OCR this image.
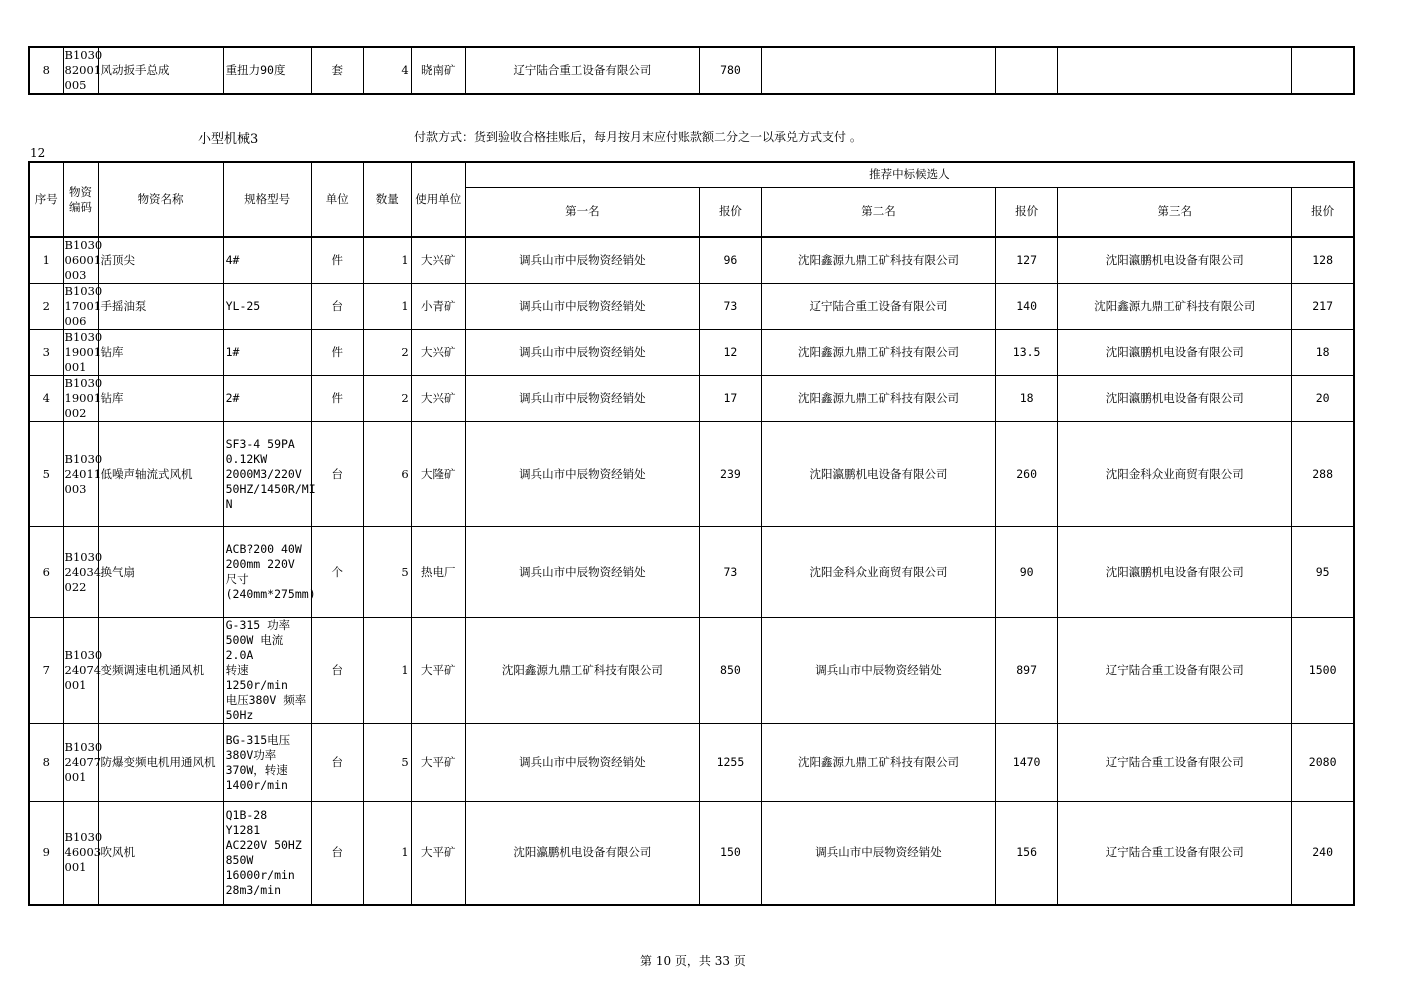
8	B1030
82001
005	风动扳手总成	重扭力90度	套	4	晓南矿	辽宁陆合重工设备有限公司	780				
小型机械3	付款方式：货到验收合格挂账后，每月按月末应付账款额二分之一以承兑方式支付 。
12
序号	物资编码	物资名称	规格型号	单位	数量	使用单位	推荐中标候选人					
							第一名	报价	第二名	报价	第三名	报价
1	B1030
06001
003	活顶尖	4#	件	1	大兴矿	调兵山市中辰物资经销处	96	沈阳鑫源九鼎工矿科技有限公司	127	沈阳瀛鹏机电设备有限公司	128
2	B1030
17001
006	手摇油泵	YL-25	台	1	小青矿	调兵山市中辰物资经销处	73	辽宁陆合重工设备有限公司	140	沈阳鑫源九鼎工矿科技有限公司	217
3	B1030
19001
001	钻库	1#	件	2	大兴矿	调兵山市中辰物资经销处	12	沈阳鑫源九鼎工矿科技有限公司	13.5	沈阳瀛鹏机电设备有限公司	18
4	B1030
19001
002	钻库	2#	件	2	大兴矿	调兵山市中辰物资经销处	17	沈阳鑫源九鼎工矿科技有限公司	18	沈阳瀛鹏机电设备有限公司	20
5	B1030
24011
003	低噪声轴流式风机	SF3-4 59PA
0.12KW
2000M3/220V
50HZ/1450R/MI
N	台	6	大隆矿	调兵山市中辰物资经销处	239	沈阳瀛鹏机电设备有限公司	260	沈阳金科众业商贸有限公司	288
6	B1030
24034
022	换气扇	ACB?200 40W
200mm 220V
尺寸
(240mm*275mm)	个	5	热电厂	调兵山市中辰物资经销处	73	沈阳金科众业商贸有限公司	90	沈阳瀛鹏机电设备有限公司	95
7	B1030
24074
001	变频调速电机通风机	G-315 功率
500W 电流2.0A
转速1250r/min
电压380V 频率
50Hz	台	1	大平矿	沈阳鑫源九鼎工矿科技有限公司	850	调兵山市中辰物资经销处	897	辽宁陆合重工设备有限公司	1500
8	B1030
24077
001	防爆变频电机用通风机	BG-315电压
380V功率
370W，转速
1400r/min	台	5	大平矿	调兵山市中辰物资经销处	1255	沈阳鑫源九鼎工矿科技有限公司	1470	辽宁陆合重工设备有限公司	2080
9	B1030
46003
001	吹风机	Q1B-28 Y1281
AC220V 50HZ
850W
16000r/min
28m3/min	台	1	大平矿	沈阳瀛鹏机电设备有限公司	150	调兵山市中辰物资经销处	156	辽宁陆合重工设备有限公司	240
第 10 页，共 33 页
